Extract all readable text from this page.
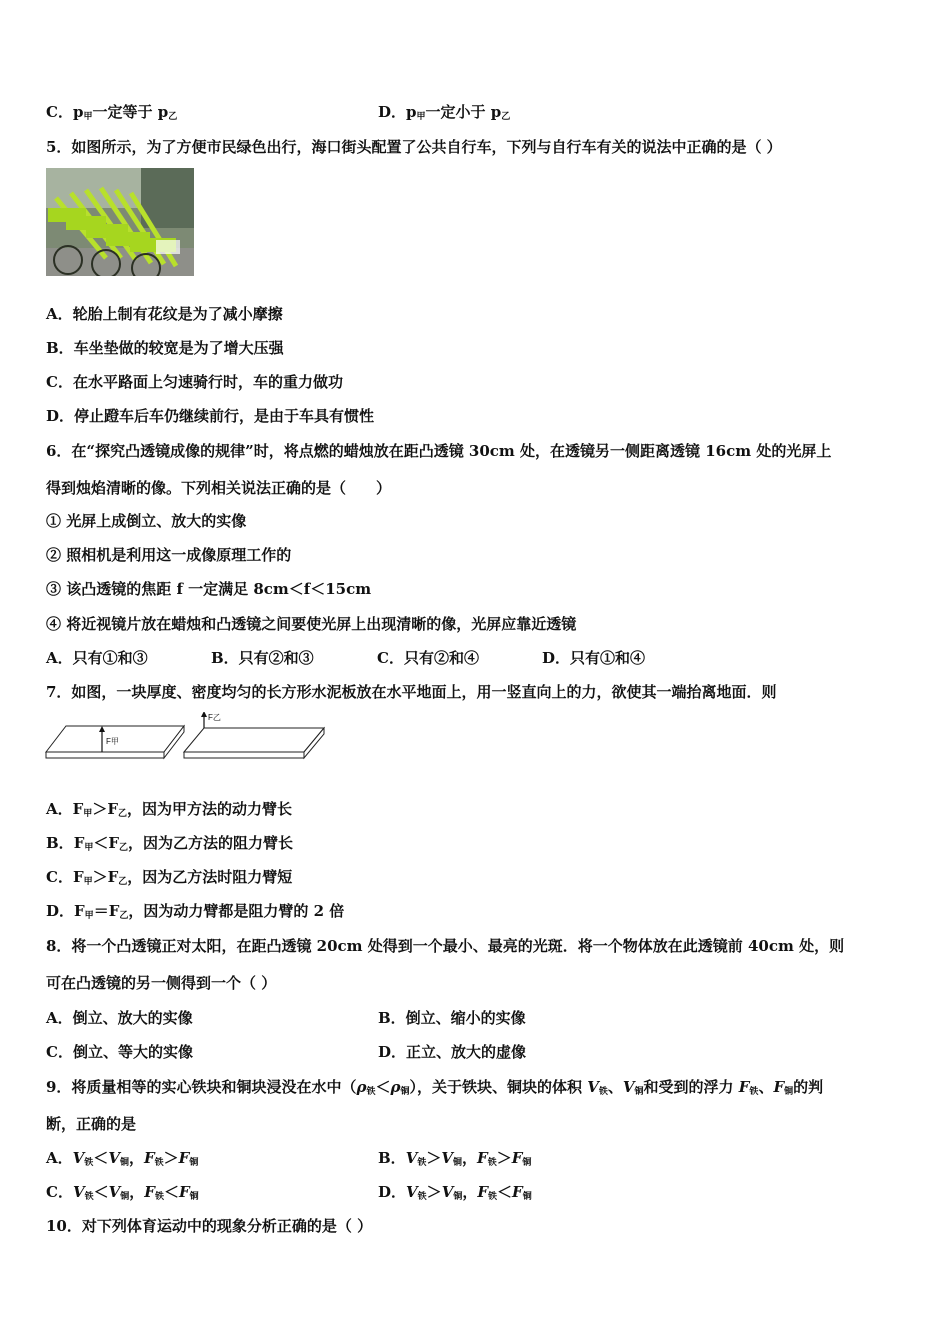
C．$p_甲$一定等于 $p_乙$	D．$p_甲$一定小于 $p_乙$
5．如图所示，为了方便市民绿色出行，海口街头配置了公共自行车，下列与自行车有关的说法中正确的是（ ）
A．轮胎上制有花纹是为了减小摩擦
B．车坐垫做的较宽是为了增大压强
C．在水平路面上匀速骑行时，车的重力做功
D．停止蹬车后车仍继续前行，是由于车具有惯性
6．在“探究凸透镜成像的规律”时，将点燃的蜡烛放在距凸透镜 30cm 处，在透镜另一侧距离透镜 16cm 处的光屏上
得到烛焰清晰的像。下列相关说法正确的是（　　）
① 光屏上成倒立、放大的实像
② 照相机是利用这一成像原理工作的
③ 该凸透镜的焦距 f 一定满足 8cm＜f＜15cm
④ 将近视镜片放在蜡烛和凸透镜之间要使光屏上出现清晰的像，光屏应靠近透镜
A．只有①和③	B．只有②和③	C．只有②和④	D．只有①和④
7．如图，一块厚度、密度均匀的长方形水泥板放在水平地面上，用一竖直向上的力，欲使其一端抬离地面．则
F甲
F乙
A．$F_甲>F_乙$，因为甲方法的动力臂长
B．$F_甲<F_乙$，因为乙方法的阻力臂长
C．$F_甲>F_乙$，因为乙方法时阻力臂短
D．$F_甲=F_乙$，因为动力臂都是阻力臂的 2 倍
8．将一个凸透镜正对太阳，在距凸透镜 20cm 处得到一个最小、最亮的光斑．将一个物体放在此透镜前 40cm 处，则
可在凸透镜的另一侧得到一个（ ）
A．倒立、放大的实像	B．倒立、缩小的实像
C．倒立、等大的实像	D．正立、放大的虚像
9．将质量相等的实心铁块和铜块浸没在水中$(\rho_铁<\rho_铜)$，关于铁块、铜块的体积 $V_铁$、$V_铜$和受到的浮力 $F_铁$、$F_铜$的判
断，正确的是
A．$V_铁<V_铜$，$F_铁>F_铜$	B．$V_铁>V_铜$，$F_铁>F_铜$
C．$V_铁<V_铜$，$F_铁<F_铜$	D．$V_铁>V_铜$，$F_铁<F_铜$
10．对下列体育运动中的现象分析正确的是（ ）
